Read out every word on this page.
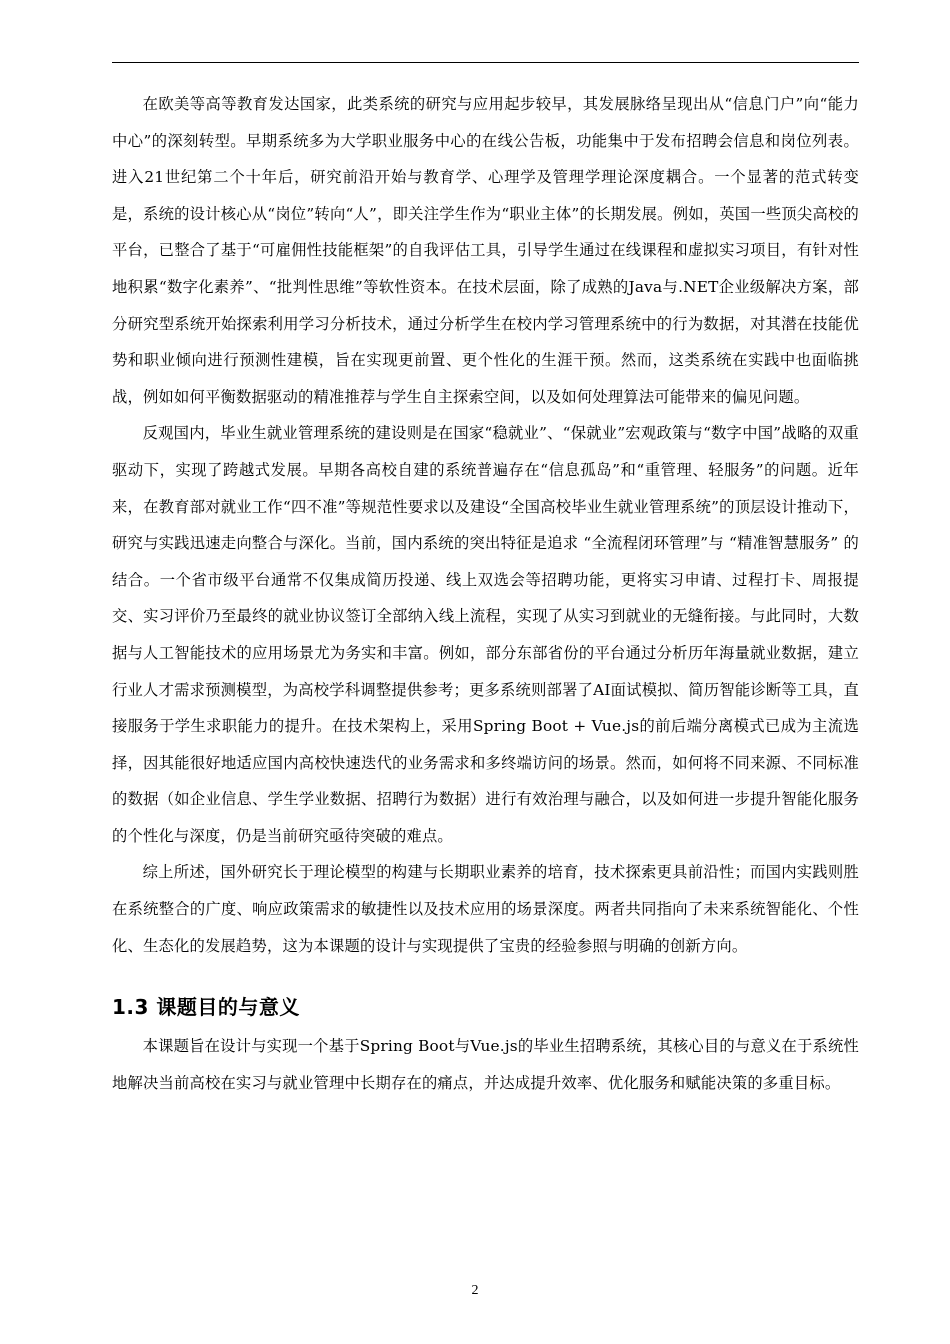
在欧美等高等教育发达国家，此类系统的研究与应用起步较早，其发展脉络呈现出从“信息门户”向“能力中心”的深刻转型。早期系统多为大学职业服务中心的在线公告板，功能集中于发布招聘会信息和岗位列表。进入21世纪第二个十年后，研究前沿开始与教育学、心理学及管理学理论深度耦合。一个显著的范式转变是，系统的设计核心从“岗位”转向“人”，即关注学生作为“职业主体”的长期发展。例如，英国一些顶尖高校的平台，已整合了基于“可雇佣性技能框架”的自我评估工具，引导学生通过在线课程和虚拟实习项目，有针对性地积累“数字化素养”、“批判性思维”等软性资本。在技术层面，除了成熟的Java与.NET企业级解决方案，部分研究型系统开始探索利用学习分析技术，通过分析学生在校内学习管理系统中的行为数据，对其潜在技能优势和职业倾向进行预测性建模，旨在实现更前置、更个性化的生涯干预。然而，这类系统在实践中也面临挑战，例如如何平衡数据驱动的精准推荐与学生自主探索空间，以及如何处理算法可能带来的偏见问题。

反观国内，毕业生就业管理系统的建设则是在国家“稳就业”、“保就业”宏观政策与“数字中国”战略的双重驱动下，实现了跨越式发展。早期各高校自建的系统普遍存在“信息孤岛”和“重管理、轻服务”的问题。近年来，在教育部对就业工作“四不准”等规范性要求以及建设“全国高校毕业生就业管理系统”的顶层设计推动下，研究与实践迅速走向整合与深化。当前，国内系统的突出特征是追求 “全流程闭环管理”与 “精准智慧服务” 的结合。一个省市级平台通常不仅集成简历投递、线上双选会等招聘功能，更将实习申请、过程打卡、周报提交、实习评价乃至最终的就业协议签订全部纳入线上流程，实现了从实习到就业的无缝衔接。与此同时，大数据与人工智能技术的应用场景尤为务实和丰富。例如，部分东部省份的平台通过分析历年海量就业数据，建立行业人才需求预测模型，为高校学科调整提供参考；更多系统则部署了AI面试模拟、简历智能诊断等工具，直接服务于学生求职能力的提升。在技术架构上，采用Spring Boot + Vue.js的前后端分离模式已成为主流选择，因其能很好地适应国内高校快速迭代的业务需求和多终端访问的场景。然而，如何将不同来源、不同标准的数据（如企业信息、学生学业数据、招聘行为数据）进行有效治理与融合，以及如何进一步提升智能化服务的个性化与深度，仍是当前研究亟待突破的难点。

综上所述，国外研究长于理论模型的构建与长期职业素养的培育，技术探索更具前沿性；而国内实践则胜在系统整合的广度、响应政策需求的敏捷性以及技术应用的场景深度。两者共同指向了未来系统智能化、个性化、生态化的发展趋势，这为本课题的设计与实现提供了宝贵的经验参照与明确的创新方向。

1.3 课题目的与意义

本课题旨在设计与实现一个基于Spring Boot与Vue.js的毕业生招聘系统，其核心目的与意义在于系统性地解决当前高校在实习与就业管理中长期存在的痛点，并达成提升效率、优化服务和赋能决策的多重目标。

2
